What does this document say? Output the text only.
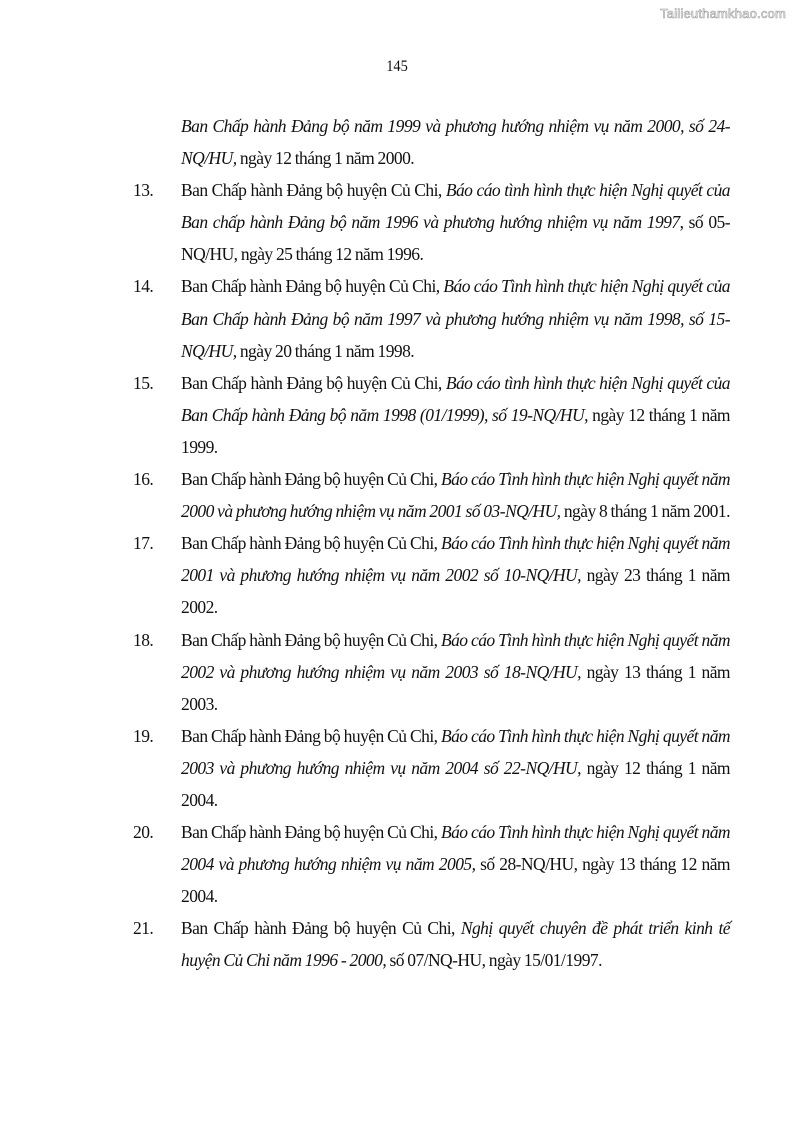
Tailieuthamkhao.com
145
Ban Chấp hành Đảng bộ năm 1999 và phương hướng nhiệm vụ năm 2000, số 24-NQ/HU, ngày 12 tháng 1 năm 2000.
13.	Ban Chấp hành Đảng bộ huyện Củ Chi, Báo cáo tình hình thực hiện Nghị quyết của Ban chấp hành Đảng bộ năm 1996 và phương hướng nhiệm vụ năm 1997, số 05-NQ/HU, ngày 25 tháng 12 năm 1996.
14.	Ban Chấp hành Đảng bộ huyện Củ Chi, Báo cáo Tình hình thực hiện Nghị quyết của Ban Chấp hành Đảng bộ năm 1997 và phương hướng nhiệm vụ năm 1998, số 15-NQ/HU, ngày 20 tháng 1 năm 1998.
15.	Ban Chấp hành Đảng bộ huyện Củ Chi, Báo cáo tình hình thực hiện Nghị quyết của Ban Chấp hành Đảng bộ năm 1998 (01/1999), số 19-NQ/HU, ngày 12 tháng 1 năm 1999.
16.	Ban Chấp hành Đảng bộ huyện Củ Chi, Báo cáo Tình hình thực hiện Nghị quyết năm 2000 và phương hướng nhiệm vụ năm 2001 số 03-NQ/HU, ngày 8 tháng 1 năm 2001.
17.	Ban Chấp hành Đảng bộ huyện Củ Chi, Báo cáo Tình hình thực hiện Nghị quyết năm 2001 và phương hướng nhiệm vụ năm 2002 số 10-NQ/HU, ngày 23 tháng 1 năm 2002.
18.	Ban Chấp hành Đảng bộ huyện Củ Chi, Báo cáo Tình hình thực hiện Nghị quyết năm 2002 và phương hướng nhiệm vụ năm 2003 số 18-NQ/HU, ngày 13 tháng 1 năm 2003.
19.	Ban Chấp hành Đảng bộ huyện Củ Chi, Báo cáo Tình hình thực hiện Nghị quyết năm 2003 và phương hướng nhiệm vụ năm 2004 số 22-NQ/HU, ngày 12 tháng 1 năm 2004.
20.	Ban Chấp hành Đảng bộ huyện Củ Chi, Báo cáo Tình hình thực hiện Nghị quyết năm 2004 và phương hướng nhiệm vụ năm 2005, số 28-NQ/HU, ngày 13 tháng 12 năm 2004.
21.	Ban Chấp hành Đảng bộ huyện Củ Chi, Nghị quyết chuyên đề phát triển kinh tế huyện Củ Chi năm 1996 - 2000, số 07/NQ-HU, ngày 15/01/1997.
